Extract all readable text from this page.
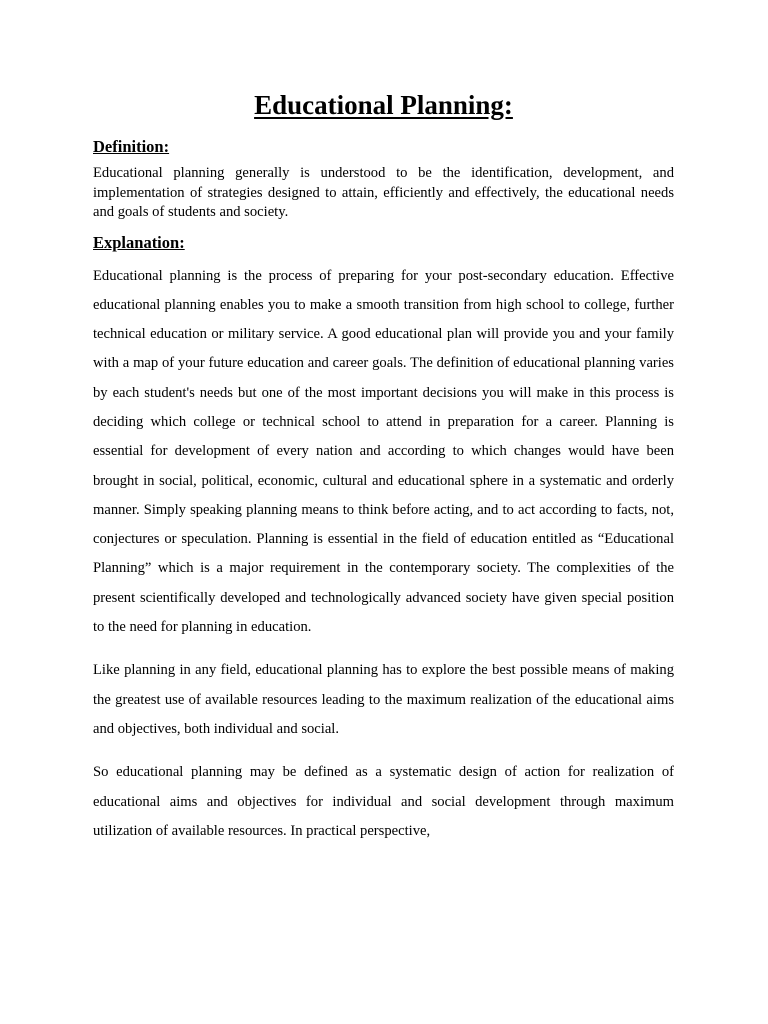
Educational Planning:
Definition:

Educational planning generally is understood to be the identification, development, and implementation of strategies designed to attain, efficiently and effectively, the educational needs and goals of students and society.

Explanation:

Educational planning is the process of preparing for your post-secondary education. Effective educational planning enables you to make a smooth transition from high school to college, further technical education or military service. A good educational plan will provide you and your family with a map of your future education and career goals. The definition of educational planning varies by each student's needs but one of the most important decisions you will make in this process is deciding which college or technical school to attend in preparation for a career. Planning is essential for development of every nation and according to which changes would have been brought in social, political, economic, cultural and educational sphere in a systematic and orderly manner. Simply speaking planning means to think before acting, and to act according to facts, not, conjectures or speculation. Planning is essential in the field of education entitled as “Educational Planning” which is a major requirement in the contemporary society. The complexities of the present scientifically developed and technologically advanced society have given special position to the need for planning in education.

Like planning in any field, educational planning has to explore the best possible means of making the greatest use of available resources leading to the maximum realization of the educational aims and objectives, both individual and social.

So educational planning may be defined as a systematic design of action for realization of educational aims and objectives for individual and social development through maximum utilization of available resources. In practical perspective,
